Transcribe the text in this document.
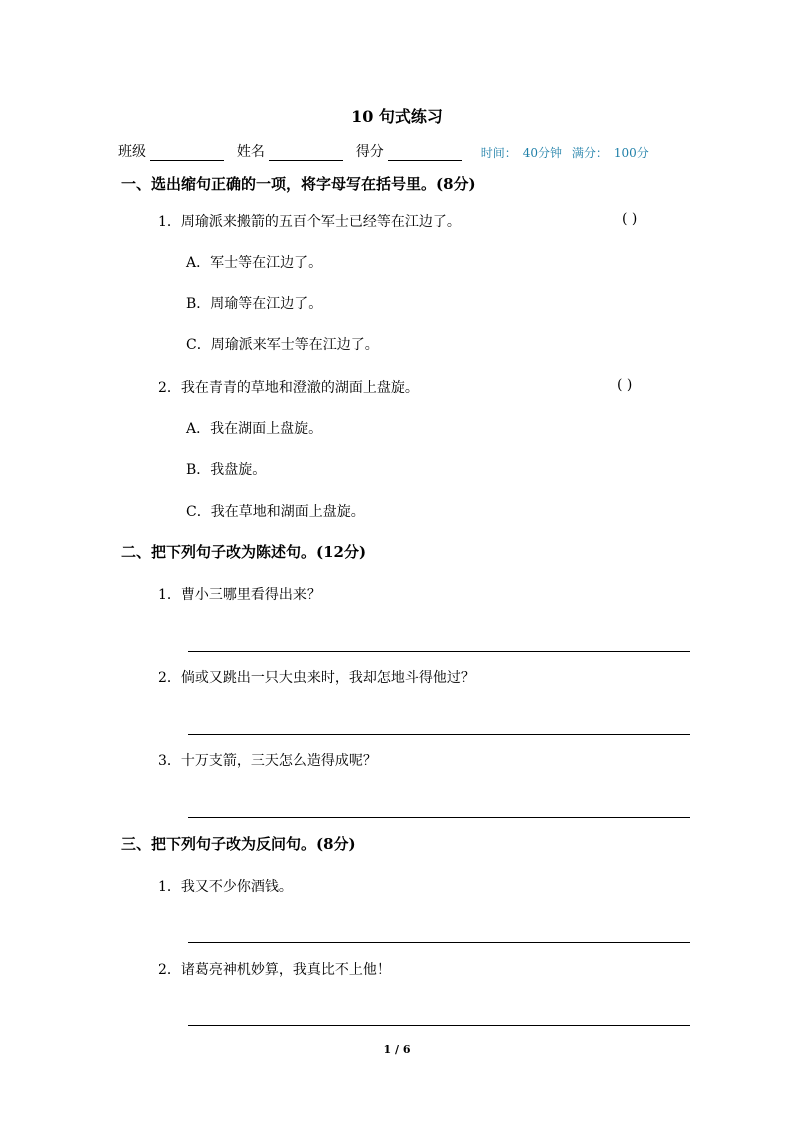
10 句式练习
班级	姓名	得分	时间： 40分钟 满分： 100分
一、选出缩句正确的一项，将字母写在括号里。(8分)
1．周瑜派来搬箭的五百个军士已经等在江边了。	( )
A．军士等在江边了。
B．周瑜等在江边了。
C．周瑜派来军士等在江边了。
2．我在青青的草地和澄澈的湖面上盘旋。	( )
A．我在湖面上盘旋。
B．我盘旋。
C．我在草地和湖面上盘旋。
二、把下列句子改为陈述句。(12分)
1．曹小三哪里看得出来？
2．倘或又跳出一只大虫来时，我却怎地斗得他过？
3．十万支箭，三天怎么造得成呢？
三、把下列句子改为反问句。(8分)
1．我又不少你酒钱。
2．诸葛亮神机妙算，我真比不上他！
1 / 6
